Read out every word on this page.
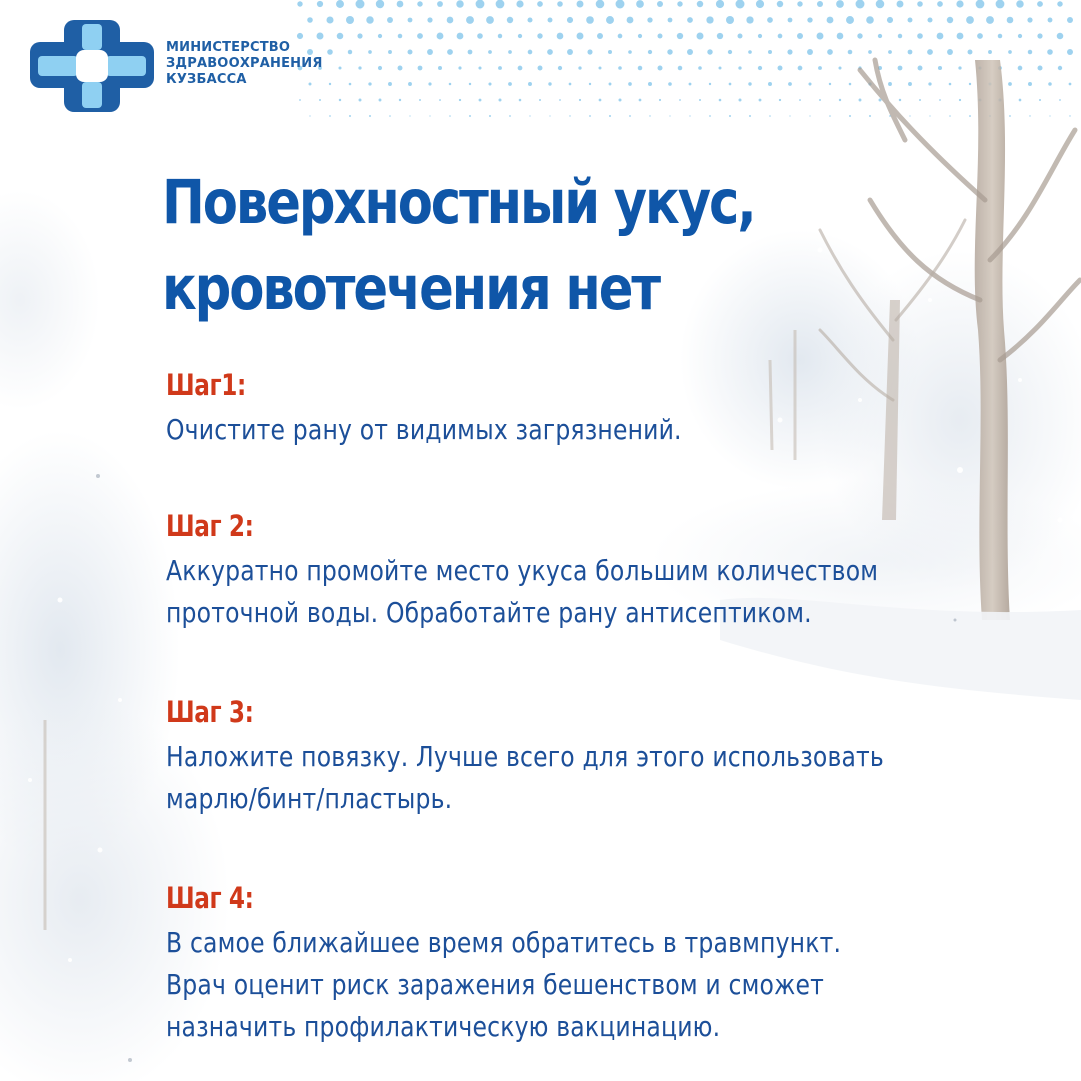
МИНИСТЕРСТВО
ЗДРАВООХРАНЕНИЯ
КУЗБАССА
Поверхностный укус,
кровотечения нет
Шаг1:
Очистите рану от видимых загрязнений.
Шаг 2:
Аккуратно промойте место укуса большим количеством
проточной воды. Обработайте рану антисептиком.
Шаг 3:
Наложите повязку. Лучше всего для этого использовать
марлю/бинт/пластырь.
Шаг 4:
В самое ближайшее время обратитесь в травмпункт.
Врач оценит риск заражения бешенством и сможет
назначить профилактическую вакцинацию.
